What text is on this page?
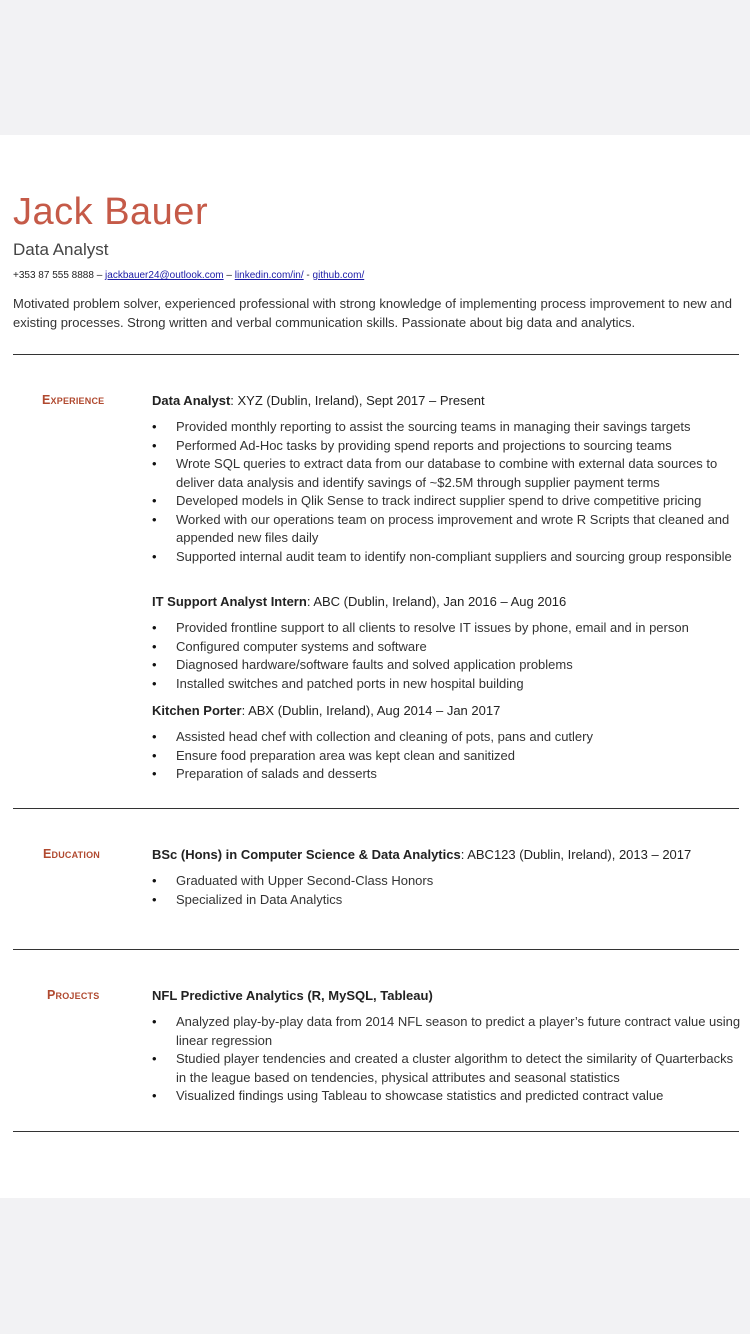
Jack Bauer
Data Analyst
+353 87 555 8888 – jackbauer24@outlook.com – linkedin.com/in/ - github.com/
Motivated problem solver, experienced professional with strong knowledge of implementing process improvement to new and existing processes. Strong written and verbal communication skills. Passionate about big data and analytics.
Experience	Data Analyst: XYZ (Dublin, Ireland), Sept 2017 – Present
• Provided monthly reporting to assist the sourcing teams in managing their savings targets
• Performed Ad-Hoc tasks by providing spend reports and projections to sourcing teams
• Wrote SQL queries to extract data from our database to combine with external data sources to deliver data analysis and identify savings of ~$2.5M through supplier payment terms
• Developed models in Qlik Sense to track indirect supplier spend to drive competitive pricing
• Worked with our operations team on process improvement and wrote R Scripts that cleaned and appended new files daily
• Supported internal audit team to identify non-compliant suppliers and sourcing group responsible
IT Support Analyst Intern: ABC (Dublin, Ireland), Jan 2016 – Aug 2016
• Provided frontline support to all clients to resolve IT issues by phone, email and in person
• Configured computer systems and software
• Diagnosed hardware/software faults and solved application problems
• Installed switches and patched ports in new hospital building
Kitchen Porter: ABX (Dublin, Ireland), Aug 2014 – Jan 2017
• Assisted head chef with collection and cleaning of pots, pans and cutlery
• Ensure food preparation area was kept clean and sanitized
• Preparation of salads and desserts
Education	BSc (Hons) in Computer Science & Data Analytics: ABC123 (Dublin, Ireland), 2013 – 2017
• Graduated with Upper Second-Class Honors
• Specialized in Data Analytics
Projects	NFL Predictive Analytics (R, MySQL, Tableau)
• Analyzed play-by-play data from 2014 NFL season to predict a player’s future contract value using linear regression
• Studied player tendencies and created a cluster algorithm to detect the similarity of Quarterbacks in the league based on tendencies, physical attributes and seasonal statistics
• Visualized findings using Tableau to showcase statistics and predicted contract value
